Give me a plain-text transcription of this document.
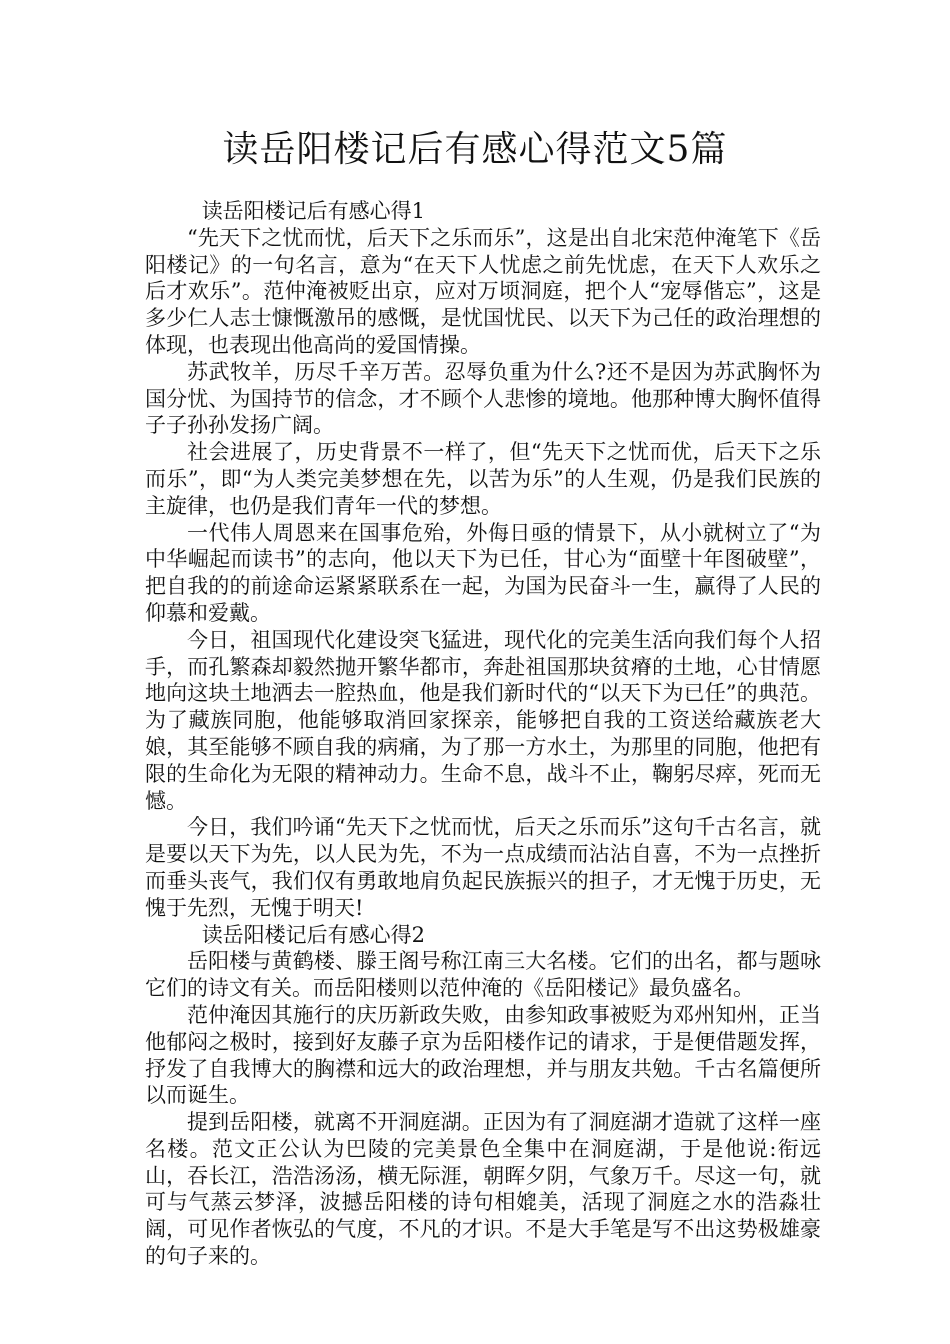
读岳阳楼记后有感心得范文5篇

读岳阳楼记后有感心得1

“先天下之忧而忧，后天下之乐而乐”，这是出自北宋范仲淹笔下《岳阳楼记》的一句名言，意为“在天下人忧虑之前先忧虑，在天下人欢乐之后才欢乐”。范仲淹被贬出京，应对万顷洞庭，把个人“宠辱偕忘”，这是多少仁人志士慷慨激吊的感慨，是忧国忧民、以天下为己任的政治理想的体现，也表现出他高尚的爱国情操。

苏武牧羊，历尽千辛万苦。忍辱负重为什么?还不是因为苏武胸怀为国分忧、为国持节的信念，才不顾个人悲惨的境地。他那种博大胸怀值得子子孙孙发扬广阔。

社会进展了，历史背景不一样了，但“先天下之忧而优，后天下之乐而乐”，即“为人类完美梦想在先，以苦为乐”的人生观，仍是我们民族的主旋律，也仍是我们青年一代的梦想。

一代伟人周恩来在国事危殆，外侮日亟的情景下，从小就树立了“为中华崛起而读书”的志向，他以天下为已任，甘心为“面壁十年图破壁”，把自我的的前途命运紧紧联系在一起，为国为民奋斗一生，赢得了人民的仰慕和爱戴。

今日，祖国现代化建设突飞猛进，现代化的完美生活向我们每个人招手，而孔繁森却毅然抛开繁华都市，奔赴祖国那块贫瘠的土地，心甘情愿地向这块土地洒去一腔热血，他是我们新时代的“以天下为已任”的典范。为了藏族同胞，他能够取消回家探亲，能够把自我的工资送给藏族老大娘，其至能够不顾自我的病痛，为了那一方水土，为那里的同胞，他把有限的生命化为无限的精神动力。生命不息，战斗不止，鞠躬尽瘁，死而无憾。

今日，我们吟诵“先天下之忧而忧，后天之乐而乐”这句千古名言，就是要以天下为先，以人民为先，不为一点成绩而沾沾自喜，不为一点挫折而垂头丧气，我们仅有勇敢地肩负起民族振兴的担子，才无愧于历史，无愧于先烈，无愧于明天!

读岳阳楼记后有感心得2

岳阳楼与黄鹤楼、滕王阁号称江南三大名楼。它们的出名，都与题咏它们的诗文有关。而岳阳楼则以范仲淹的《岳阳楼记》最负盛名。

范仲淹因其施行的庆历新政失败，由参知政事被贬为邓州知州，正当他郁闷之极时，接到好友藤子京为岳阳楼作记的请求，于是便借题发挥，抒发了自我博大的胸襟和远大的政治理想，并与朋友共勉。千古名篇便所以而诞生。

提到岳阳楼，就离不开洞庭湖。正因为有了洞庭湖才造就了这样一座名楼。范文正公认为巴陵的完美景色全集中在洞庭湖，于是他说:衔远山，吞长江，浩浩汤汤，横无际涯，朝晖夕阴，气象万千。尽这一句，就可与气蒸云梦泽，波撼岳阳楼的诗句相媲美，活现了洞庭之水的浩淼壮阔，可见作者恢弘的气度，不凡的才识。不是大手笔是写不出这势极雄豪的句子来的。
